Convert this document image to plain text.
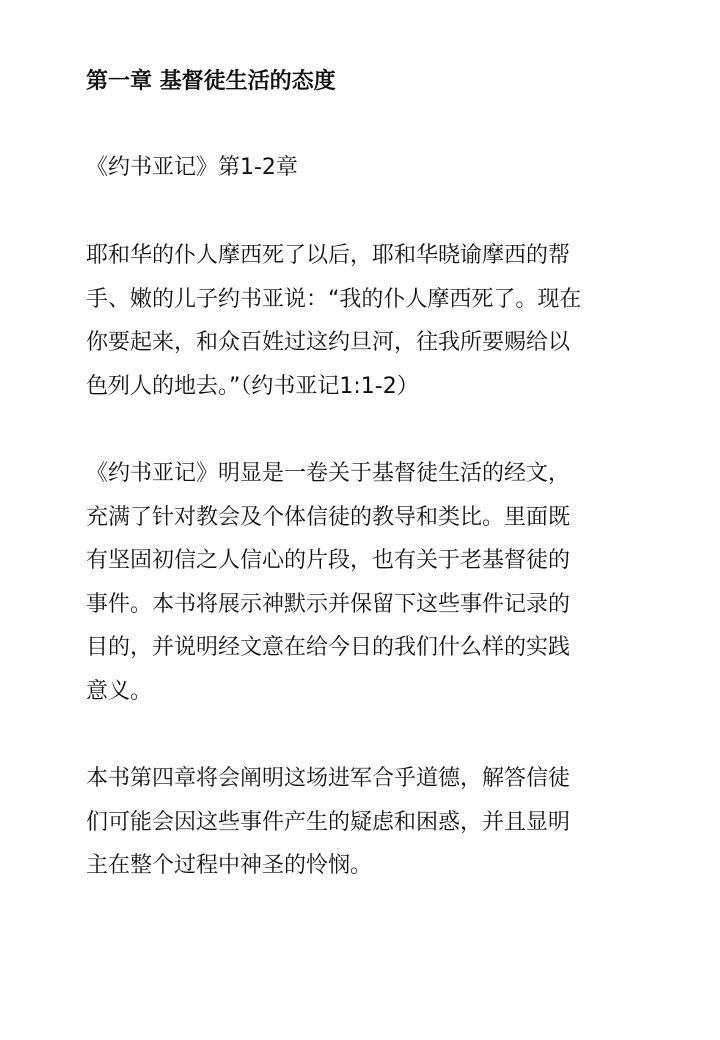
第一章 基督徒生活的态度
《约书亚记》第1-2章
耶和华的仆人摩西死了以后，耶和华晓谕摩西的帮
手、嫩的儿子约书亚说：“我的仆人摩西死了。现在
你要起来，和众百姓过这约旦河，往我所要赐给以
色列人的地去。”（约书亚记1:1-2）
《约书亚记》明显是一卷关于基督徒生活的经文，
充满了针对教会及个体信徒的教导和类比。里面既
有坚固初信之人信心的片段，也有关于老基督徒的
事件。本书将展示神默示并保留下这些事件记录的
目的，并说明经文意在给今日的我们什么样的实践
意义。
本书第四章将会阐明这场进军合乎道德，解答信徒
们可能会因这些事件产生的疑虑和困惑，并且显明
主在整个过程中神圣的怜悯。
